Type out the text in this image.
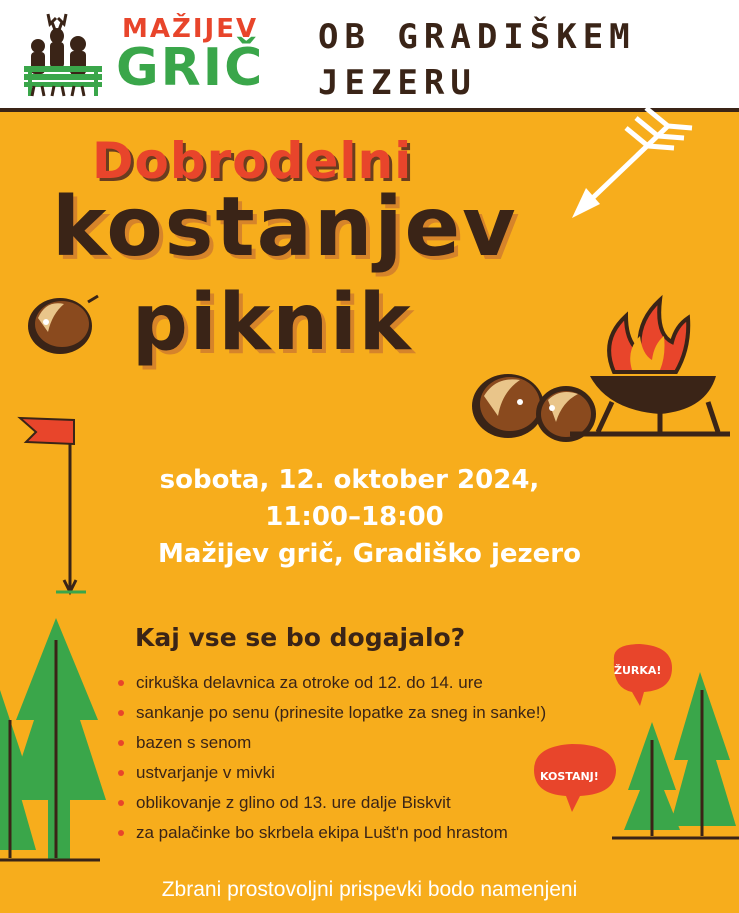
MAŽIJEV
GRIČ
OB GRADIŠKEM
JEZERU
ŽURKA!
KOSTANJ!
Dobrodelni
kostanjev
piknik
sobota, 12. oktober 2024,
11:00–18:00
Mažijev grič, Gradiško jezero
Kaj vse se bo dogajalo?
cirkuška delavnica za otroke od 12. do 14. ure
sankanje po senu (prinesite lopatke za sneg in sanke!)
bazen s senom
ustvarjanje v mivki
oblikovanje z glino od 13. ure dalje Biskvit
za palačinke bo skrbela ekipa Lušt'n pod hrastom
Zbrani prostovoljni prispevki bodo namenjeni
